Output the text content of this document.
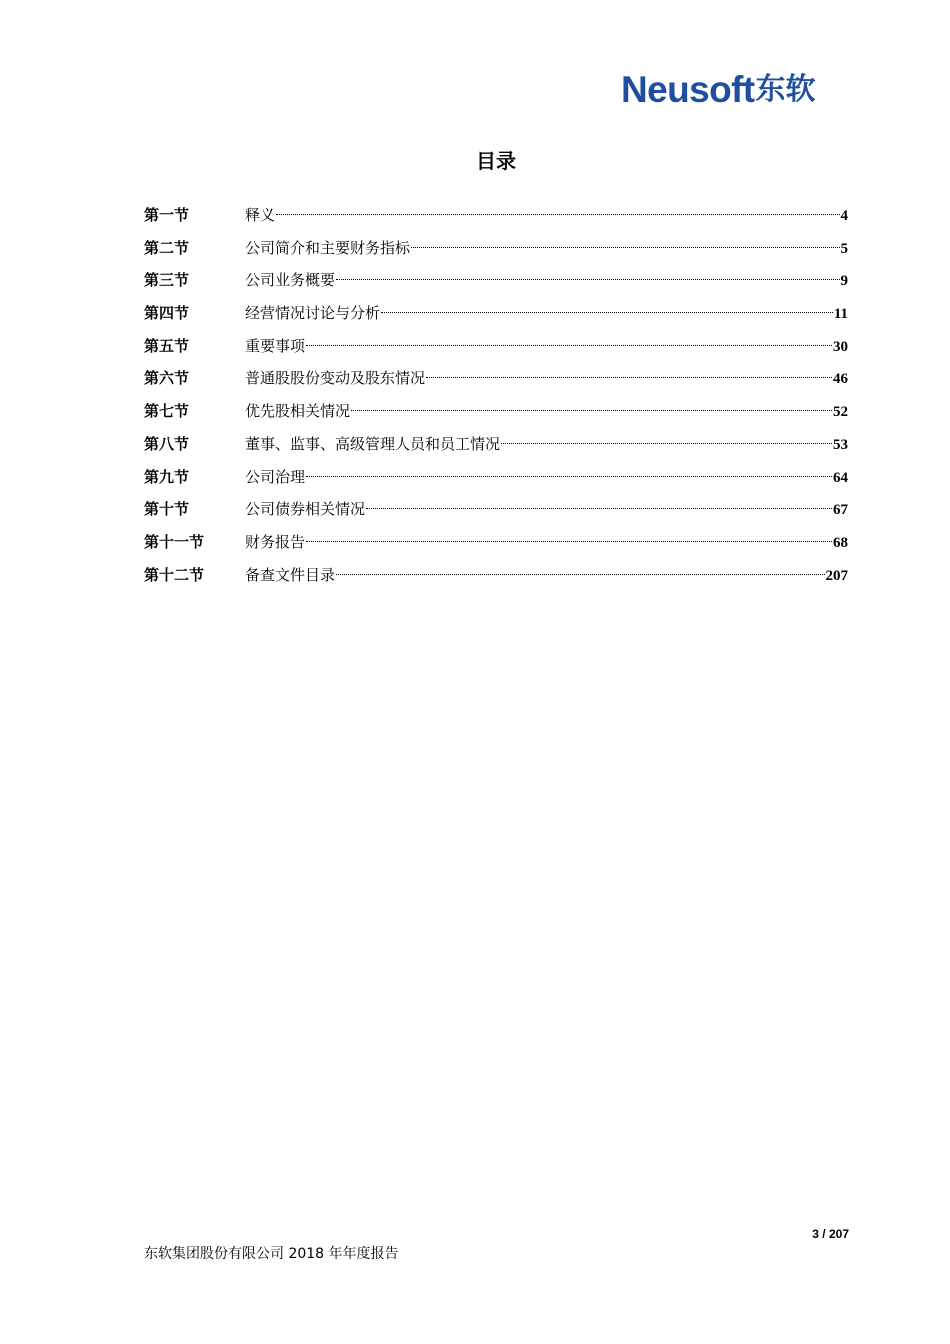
Neusoft 东软
目录
第一节	释义	4
第二节	公司简介和主要财务指标	5
第三节	公司业务概要	9
第四节	经营情况讨论与分析	11
第五节	重要事项	30
第六节	普通股股份变动及股东情况	46
第七节	优先股相关情况	52
第八节	董事、监事、高级管理人员和员工情况	53
第九节	公司治理	64
第十节	公司债券相关情况	67
第十一节	财务报告	68
第十二节	备查文件目录	207
3 / 207
东软集团股份有限公司 2018 年年度报告
